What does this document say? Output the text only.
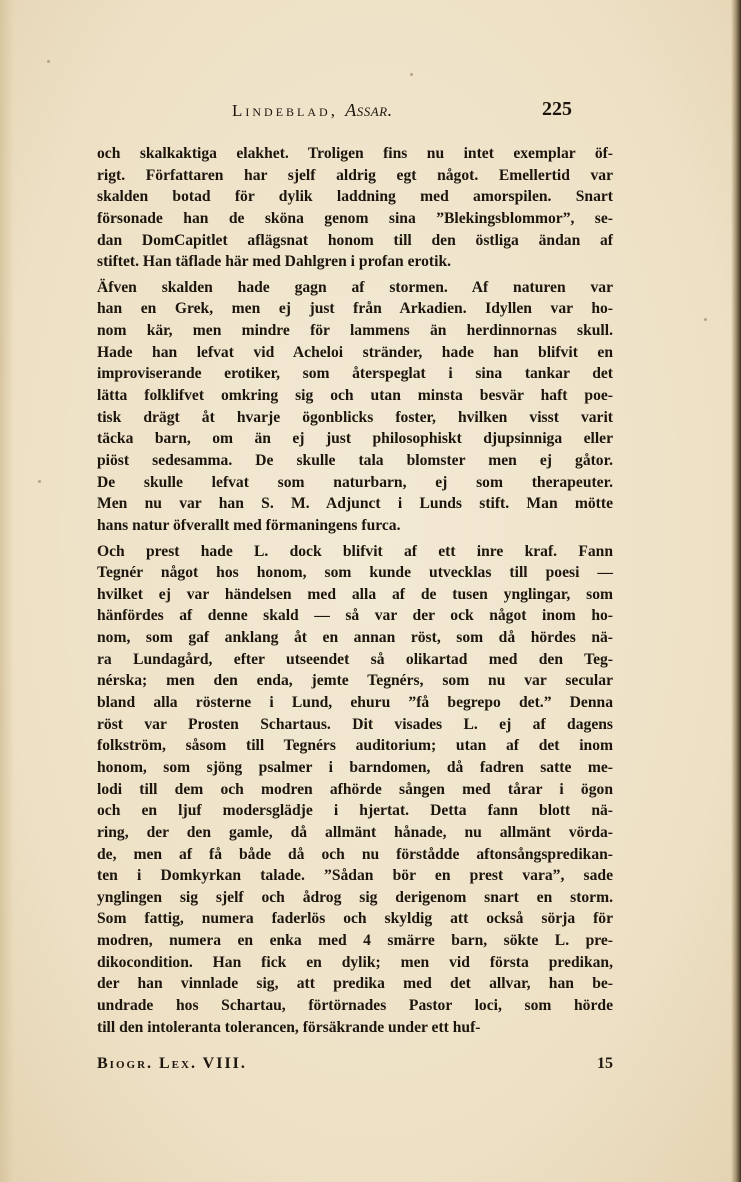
Lindeblad, Assar.	225
och skalkaktiga elakhet. Troligen fins nu intet exemplar öf-
rigt. Författaren har sjelf aldrig egt något. Emellertid var
skalden botad för dylik laddning med amorspilen. Snart
försonade han de sköna genom sina ”Blekingsblommor”, se-
dan DomCapitlet aflägsnat honom till den östliga ändan af
stiftet. Han täflade här med Dahlgren i profan erotik.
Äfven skalden hade gagn af stormen. Af naturen var
han en Grek, men ej just från Arkadien. Idyllen var ho-
nom kär, men mindre för lammens än herdinnornas skull.
Hade han lefvat vid Acheloi stränder, hade han blifvit en
improviserande erotiker, som återspeglat i sina tankar det
lätta folklifvet omkring sig och utan minsta besvär haft poe-
tisk drägt åt hvarje ögonblicks foster, hvilken visst varit
täcka barn, om än ej just philosophiskt djupsinniga eller
piöst sedesamma. De skulle tala blomster men ej gåtor.
De skulle lefvat som naturbarn, ej som therapeuter.
Men nu var han S. M. Adjunct i Lunds stift. Man mötte
hans natur öfverallt med förmaningens furca.
Och prest hade L. dock blifvit af ett inre kraf. Fann
Tegnér något hos honom, som kunde utvecklas till poesi —
hvilket ej var händelsen med alla af de tusen ynglingar, som
hänfördes af denne skald — så var der ock något inom ho-
nom, som gaf anklang åt en annan röst, som då hördes nä-
ra Lundagård, efter utseendet så olikartad med den Teg-
nérska; men den enda, jemte Tegnérs, som nu var secular
bland alla rösterne i Lund, ehuru ”få begrepo det.” Denna
röst var Prosten Schartaus. Dit visades L. ej af dagens
folkström, såsom till Tegnérs auditorium; utan af det inom
honom, som sjöng psalmer i barndomen, då fadren satte me-
lodi till dem och modren afhörde sången med tårar i ögon
och en ljuf modersglädje i hjertat. Detta fann blott nä-
ring, der den gamle, då allmänt hånade, nu allmänt vörda-
de, men af få både då och nu förstådde aftonsångspredikan-
ten i Domkyrkan talade. ”Sådan bör en prest vara”, sade
ynglingen sig sjelf och ådrog sig derigenom snart en storm.
Som fattig, numera faderlös och skyldig att också sörja för
modren, numera en enka med 4 smärre barn, sökte L. pre-
dikocondition. Han fick en dylik; men vid första predikan,
der han vinnlade sig, att predika med det allvar, han be-
undrade hos Schartau, förtörnades Pastor loci, som hörde
till den intoleranta tolerancen, försäkrande under ett huf-
Biogr. Lex. VIII.	15
